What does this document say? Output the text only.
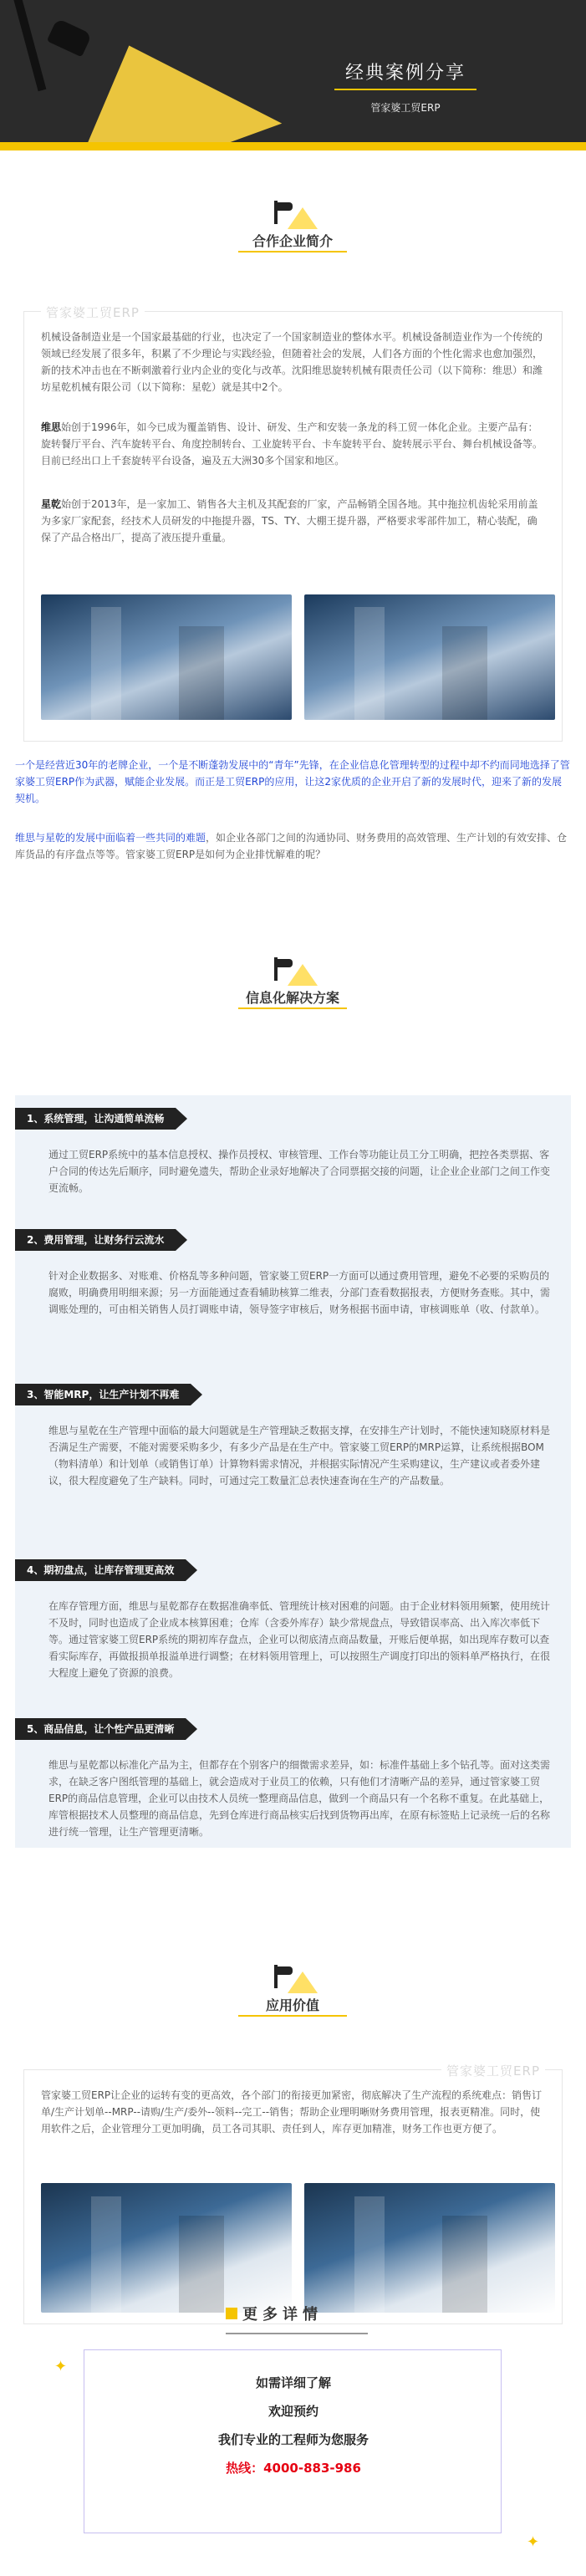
经典案例分享
管家婆工贸ERP
合作企业简介
管家婆工贸ERP
机械设备制造业是一个国家最基础的行业，也决定了一个国家制造业的整体水平。机械设备制造业作为一个传统的领域已经发展了很多年，积累了不少理论与实践经验，但随着社会的发展，人们各方面的个性化需求也愈加强烈，新的技术冲击也在不断刺激着行业内企业的变化与改革。沈阳维思旋转机械有限责任公司（以下简称：维思）和潍坊星乾机械有限公司（以下简称：星乾）就是其中2个。
维思始创于1996年，如今已成为覆盖销售、设计、研发、生产和安装一条龙的科工贸一体化企业。主要产品有：旋转餐厅平台、汽车旋转平台、角度控制转台、工业旋转平台、卡车旋转平台、旋转展示平台、舞台机械设备等。目前已经出口上千套旋转平台设备，遍及五大洲30多个国家和地区。
星乾始创于2013年，是一家加工、销售各大主机及其配套的厂家，产品畅销全国各地。其中拖拉机齿轮采用前盖为多家厂家配套，经技术人员研发的中拖提升器，TS、TY、大棚王提升器，严格要求零部件加工，精心装配，确保了产品合格出厂，提高了液压提升重量。
一个是经营近30年的老牌企业，一个是不断蓬勃发展中的“青年”先锋，在企业信息化管理转型的过程中却不约而同地选择了管家婆工贸ERP作为武器，赋能企业发展。而正是工贸ERP的应用，让这2家优质的企业开启了新的发展时代，迎来了新的发展契机。
维思与星乾的发展中面临着一些共同的难题，如企业各部门之间的沟通协同、财务费用的高效管理、生产计划的有效安排、仓库货品的有序盘点等等。管家婆工贸ERP是如何为企业排忧解难的呢？
信息化解决方案
1、系统管理，让沟通简单流畅
通过工贸ERP系统中的基本信息授权、操作员授权、审核管理、工作台等功能让员工分工明确，把控各类票据、客户合同的传达先后顺序，同时避免遗失，帮助企业录好地解决了合同票据交接的问题，让企业企业部门之间工作变更流畅。
2、费用管理，让财务行云流水
针对企业数据多、对账难、价格乱等多种问题，管家婆工贸ERP一方面可以通过费用管理，避免不必要的采购员的腐败，明确费用明细来源；另一方面能通过查看辅助核算二维表，分部门查看数据报表，方便财务查账。其中，需调账处理的，可由相关销售人员打调账申请，领导签字审核后，财务根据书面申请，审核调账单（收、付款单）。
3、智能MRP，让生产计划不再难
维思与星乾在生产管理中面临的最大问题就是生产管理缺乏数据支撑，在安排生产计划时，不能快速知晓原材料是否满足生产需要，不能对需要采购多少，有多少产品是在生产中。管家婆工贸ERP的MRP运算，让系统根据BOM（物料清单）和计划单（或销售订单）计算物料需求情况，并根据实际情况产生采购建议，生产建议或者委外建议，很大程度避免了生产缺料。同时，可通过完工数量汇总表快速查询在生产的产品数量。
4、期初盘点，让库存管理更高效
在库存管理方面，维思与星乾都存在数据准确率低、管理统计核对困难的问题。由于企业材料领用频繁，使用统计不及时，同时也造成了企业成本核算困难；仓库（含委外库存）缺少常规盘点，导致错误率高、出入库次率低下等。通过管家婆工贸ERP系统的期初库存盘点，企业可以彻底清点商品数量，开账后便单据，如出现库存数可以查看实际库存，再做报损单报溢单进行调整；在材料领用管理上，可以按照生产调度打印出的领料单严格执行，在很大程度上避免了资源的浪费。
5、商品信息，让个性产品更清晰
维思与星乾都以标准化产品为主，但都存在个别客户的细微需求差异，如：标准件基础上多个钻孔等。面对这类需求，在缺乏客户图纸管理的基础上，就会造成对于业员工的依赖，只有他们才清晰产品的差异，通过管家婆工贸ERP的商品信息管理，企业可以由技术人员统一整理商品信息，做到一个商品只有一个名称不重复。在此基础上，库管根据技术人员整理的商品信息，先到仓库进行商品核实后找到货物再出库，在原有标签贴上记录统一后的名称进行统一管理，让生产管理更清晰。
应用价值
管家婆工贸ERP
管家婆工贸ERP让企业的运转有变的更高效，各个部门的衔接更加紧密，彻底解决了生产流程的系统难点：销售订单/生产计划单--MRP--请购/生产/委外--领料--完工--销售；帮助企业理明晰财务费用管理，报表更精准。同时，使用软件之后，企业管理分工更加明确，员工各司其职、责任到人，库存更加精准，财务工作也更方便了。
更多详情
✦
✦
如需详细了解
欢迎预约
我们专业的工程师为您服务
热线：4000-883-986
